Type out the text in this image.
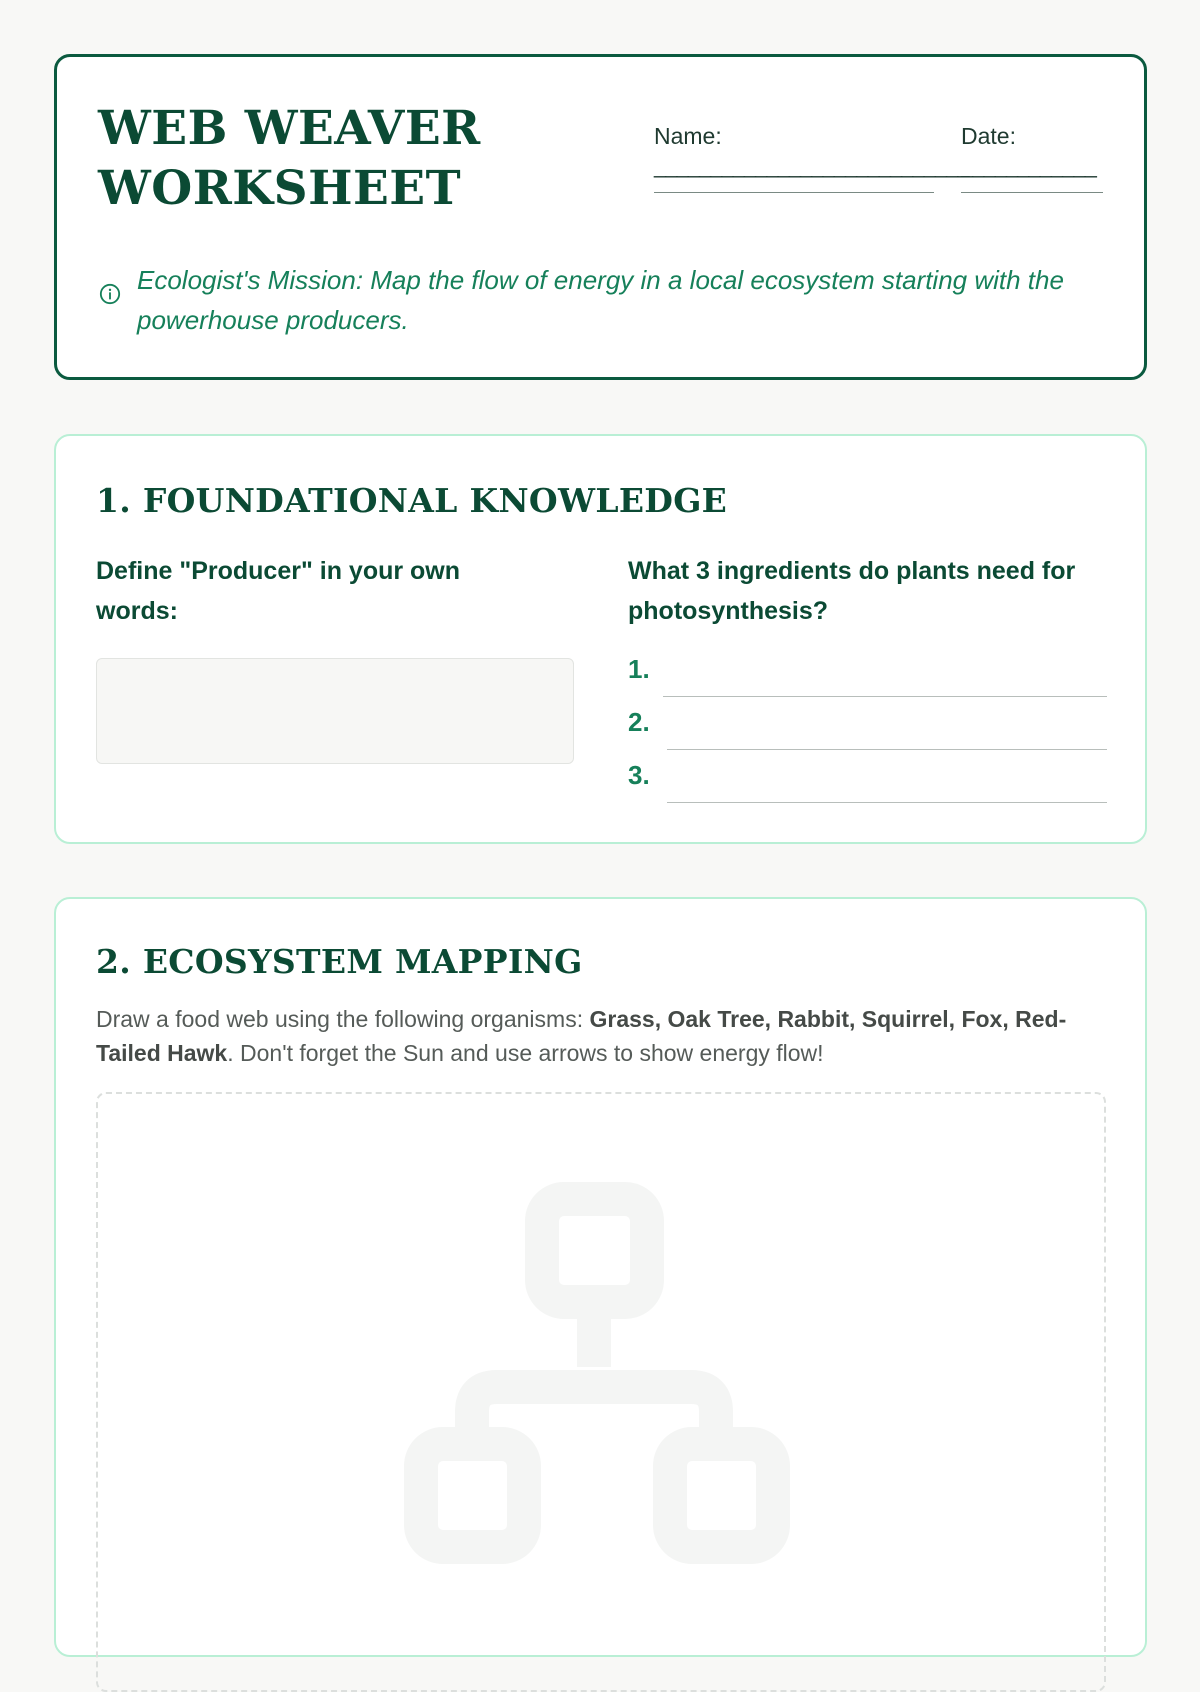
WEB WEAVER
WORKSHEET
Name:
____________________________
Date:
____________
Ecologist's Mission: Map the flow of energy in a local ecosystem starting with the powerhouse producers.
1. FOUNDATIONAL KNOWLEDGE
Define "Producer" in your own words:
What 3 ingredients do plants need for photosynthesis?
1.
2.
3.
2. ECOSYSTEM MAPPING
Draw a food web using the following organisms: Grass, Oak Tree, Rabbit, Squirrel, Fox, Red-Tailed Hawk. Don't forget the Sun and use arrows to show energy flow!
